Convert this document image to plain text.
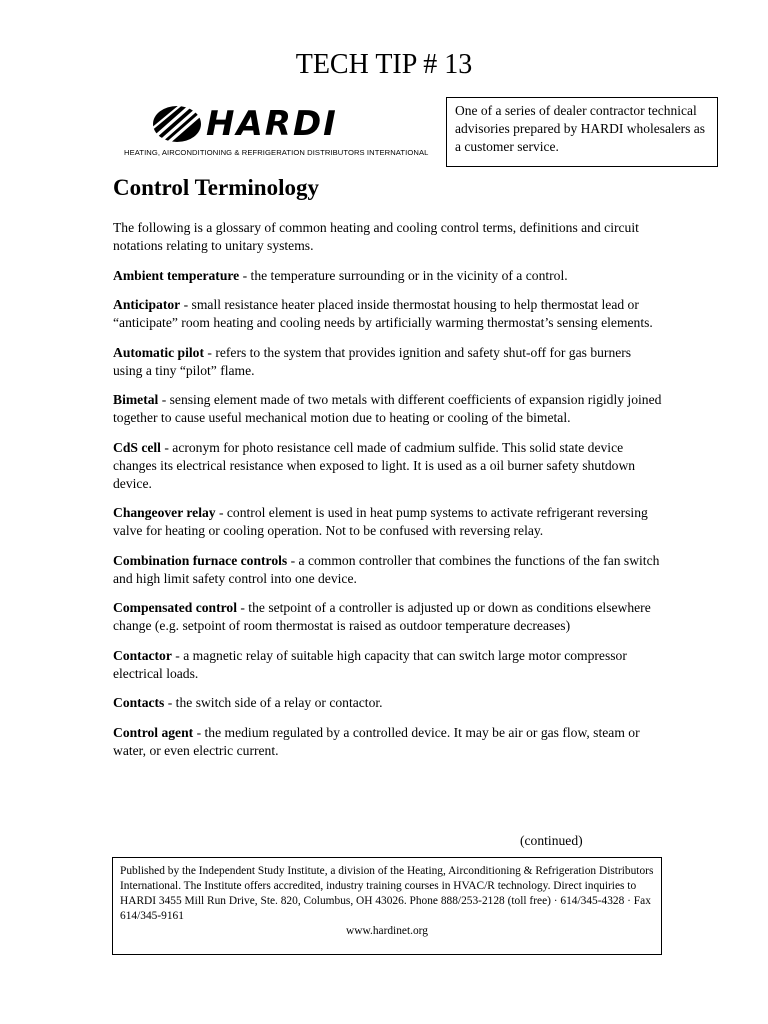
TECH TIP # 13
HARDI
HEATING, AIRCONDITIONING & REFRIGERATION DISTRIBUTORS INTERNATIONAL
One of a series of dealer contractor technical advisories prepared by HARDI wholesalers as a customer service.
Control Terminology

The following is a glossary of common heating and cooling control terms, definitions and circuit notations relating to unitary systems.

Ambient temperature - the temperature surrounding or in the vicinity of a control.

Anticipator - small resistance heater placed inside thermostat housing to help thermostat lead or “anticipate” room heating and cooling needs by artificially warming thermostat’s sensing elements.

Automatic pilot - refers to the system that provides ignition and safety shut-off for gas burners using a tiny “pilot” flame.

Bimetal - sensing element made of two metals with different coefficients of expansion rigidly joined together to cause useful mechanical motion due to heating or cooling of the bimetal.

CdS cell - acronym for photo resistance cell made of cadmium sulfide. This solid state device changes its electrical resistance when exposed to light. It is used as a oil burner safety shutdown device.

Changeover relay - control element is used in heat pump systems to activate refrigerant reversing valve for heating or cooling operation. Not to be confused with reversing relay.

Combination furnace controls - a common controller that combines the functions of the fan switch and high limit safety control into one device.

Compensated control - the setpoint of a controller is adjusted up or down as conditions elsewhere change (e.g. setpoint of room thermostat is raised as outdoor temperature decreases)

Contactor - a magnetic relay of suitable high capacity that can switch large motor compressor electrical loads.

Contacts - the switch side of a relay or contactor.

Control agent - the medium regulated by a controlled device. It may be air or gas flow, steam or water, or even electric current.

(continued)
Published by the Independent Study Institute, a division of the Heating, Airconditioning & Refrigeration Distributors International. The Institute offers accredited, industry training courses in HVAC/R technology. Direct inquiries to HARDI 3455 Mill Run Drive, Ste. 820, Columbus, OH 43026. Phone 888/253-2128 (toll free) · 614/345-4328 · Fax 614/345-9161
www.hardinet.org
